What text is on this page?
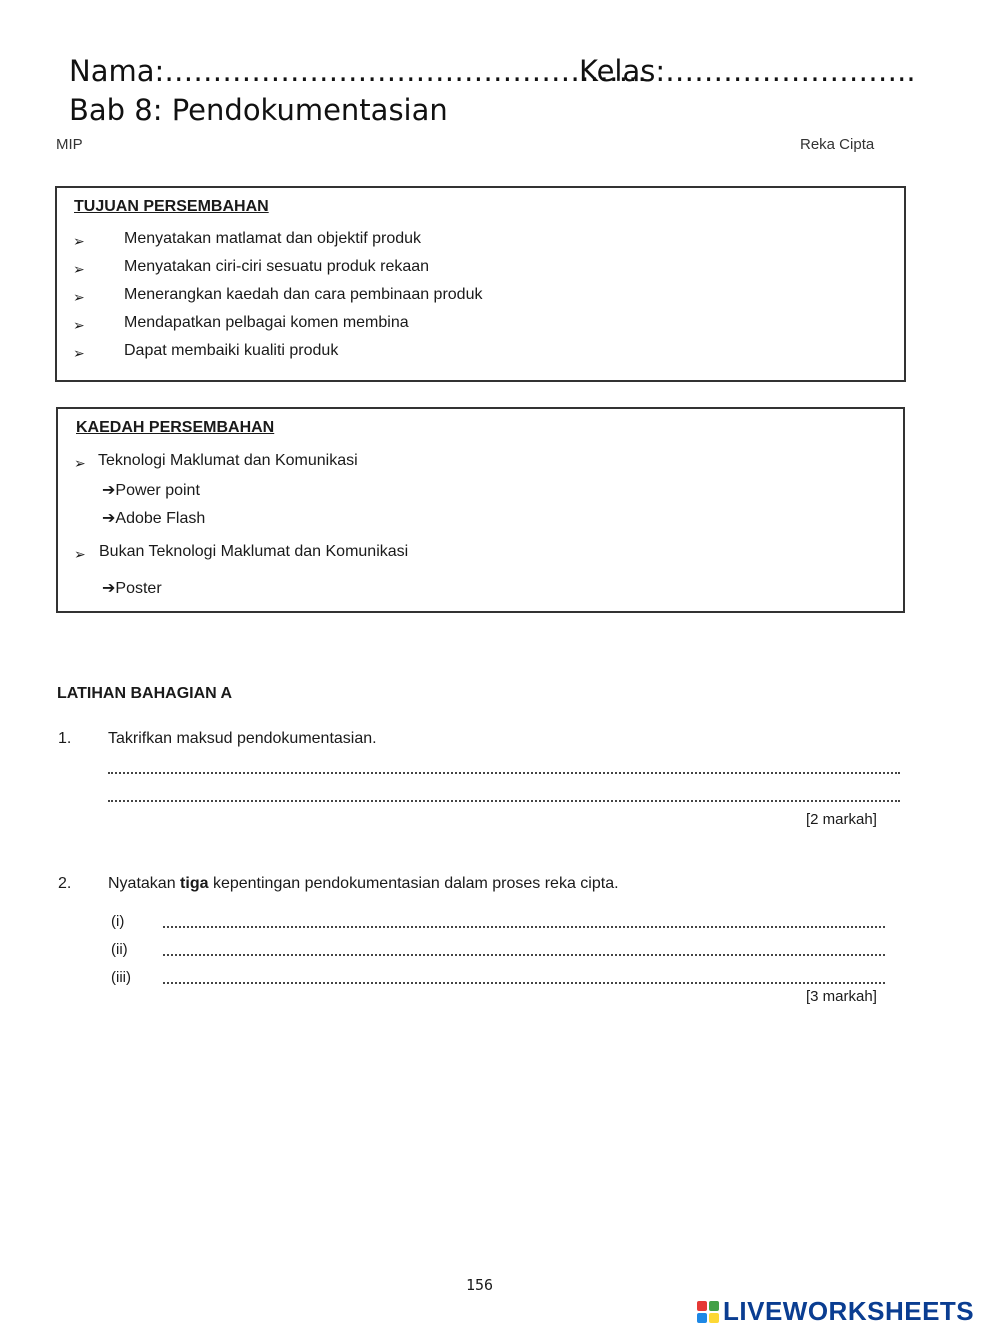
Nama:…………………………………………..
Kelas:……………………..
Bab 8: Pendokumentasian
MIP	Reka Cipta
TUJUAN PERSEMBAHAN
➢ Menyatakan matlamat dan objektif produk
➢ Menyatakan ciri-ciri sesuatu produk rekaan
➢ Menerangkan kaedah dan cara pembinaan produk
➢ Mendapatkan pelbagai komen membina
➢ Dapat membaiki kualiti produk
KAEDAH PERSEMBAHAN
➢ Teknologi Maklumat dan Komunikasi
➔Power point
➔Adobe Flash
➢ Bukan Teknologi Maklumat dan Komunikasi
➔Poster
LATIHAN BAHAGIAN A
1. Takrifkan maksud pendokumentasian.
[2 markah]
2. Nyatakan tiga kepentingan pendokumentasian dalam proses reka cipta.
(i)
(ii)
(iii)
[3 markah]
156
LIVEWORKSHEETS
